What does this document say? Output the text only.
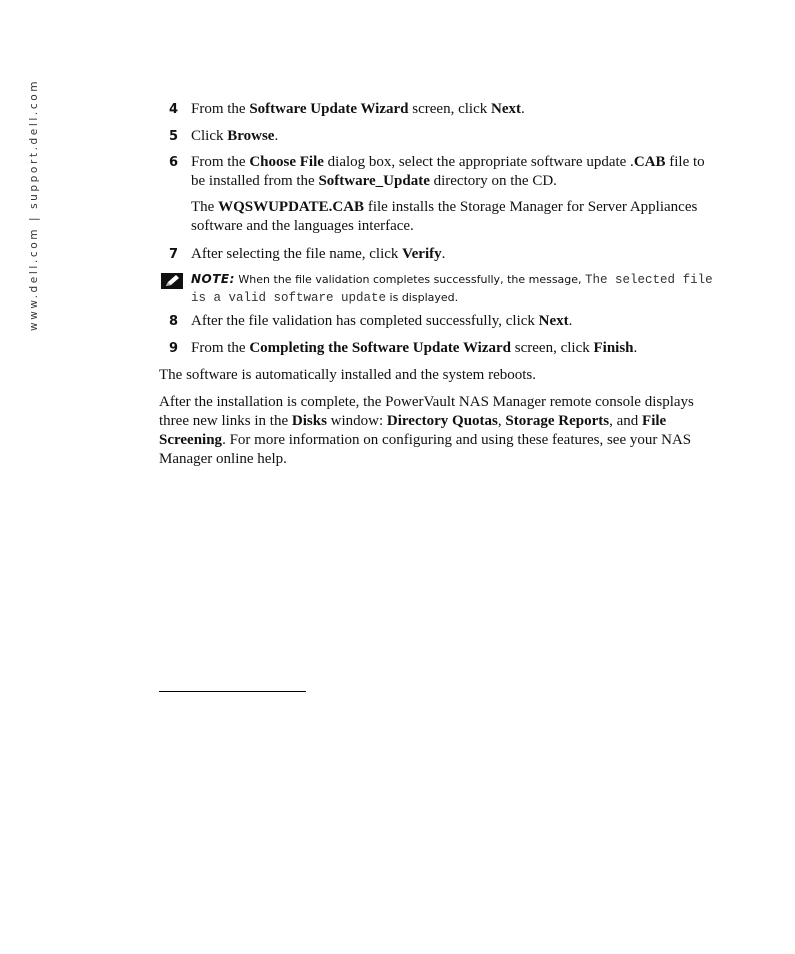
www.dell.com | support.dell.com	4 From the Software Update Wizard screen, click Next.
5 Click Browse.
6 From the Choose File dialog box, select the appropriate software update .CAB file to be installed from the Software_Update directory on the CD.
The WQSWUPDATE.CAB file installs the Storage Manager for Server Appliances software and the languages interface.
7 After selecting the file name, click Verify.
NOTE: When the file validation completes successfully, the message, The selected file is a valid software update is displayed.
8 After the file validation has completed successfully, click Next.
9 From the Completing the Software Update Wizard screen, click Finish.
The software is automatically installed and the system reboots.
After the installation is complete, the PowerVault NAS Manager remote console displays three new links in the Disks window: Directory Quotas, Storage Reports, and File Screening. For more information on configuring and using these features, see your NAS Manager online help.
